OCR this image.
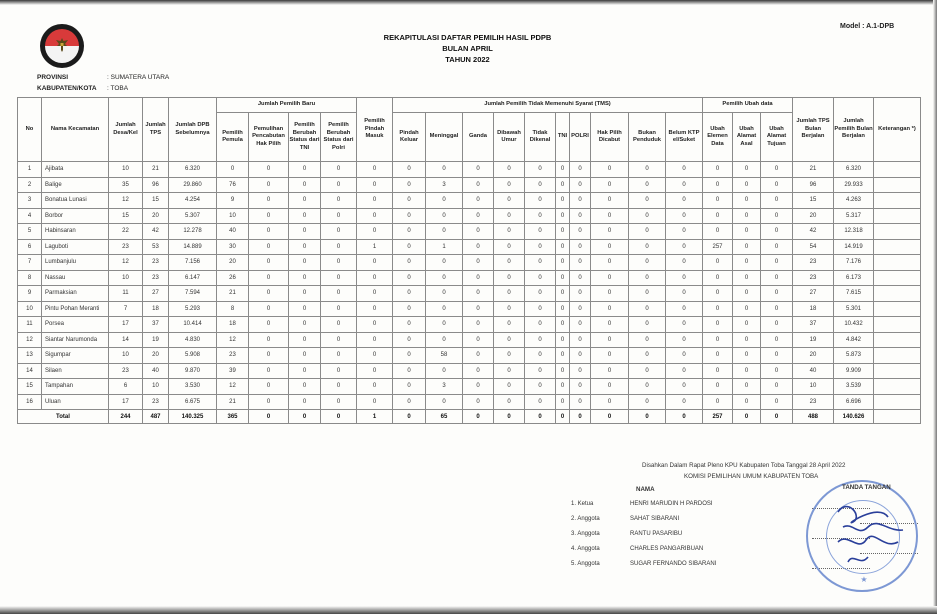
REKAPITULASI DAFTAR PEMILIH HASIL PDPB
BULAN APRIL
TAHUN 2022
Model : A.1-DPB
PROVINSI	: SUMATERA UTARA
KABUPATEN/KOTA : TOBA
No	Nama Kecamatan	Jumlah Desa/Kel	Jumlah TPS	Jumlah DPB Sebelumnya	Jumlah Pemilih Baru				Pemilih Pindah Masuk	Jumlah Pemilih Tidak Memenuhi Syarat (TMS)										Pemilih Ubah data			Jumlah TPS Bulan Berjalan	Jumlah Pemilih Bulan Berjalan	Keterangan *)
					Pemilih Pemula	Pemulihan Pencabutan Hak Pilih	Pemilih Berubah Status dari TNI	Pemilih Berubah Status dari Polri		Pindah Keluar	Meninggal	Ganda	Dibawah Umur	Tidak Dikenal	TNI	POLRI	Hak Pilih Dicabut	Bukan Penduduk	Belum KTP el/Suket	Ubah Elemen Data	Ubah Alamat Asal	Ubah Alamat Tujuan			
1	Ajibata	10	21	6.320	0	0	0	0	0	0	0	0	0	0	0	0	0	0	0	0	0	0	21	6.320	
2	Balige	35	96	29.860	76	0	0	0	0	0	3	0	0	0	0	0	0	0	0	0	0	0	96	29.933	
3	Bonatua Lunasi	12	15	4.254	9	0	0	0	0	0	0	0	0	0	0	0	0	0	0	0	0	0	15	4.263	
4	Borbor	15	20	5.307	10	0	0	0	0	0	0	0	0	0	0	0	0	0	0	0	0	0	20	5.317	
5	Habinsaran	22	42	12.278	40	0	0	0	0	0	0	0	0	0	0	0	0	0	0	0	0	0	42	12.318	
6	Laguboti	23	53	14.889	30	0	0	0	1	0	1	0	0	0	0	0	0	0	0	257	0	0	54	14.919	
7	Lumbanjulu	12	23	7.156	20	0	0	0	0	0	0	0	0	0	0	0	0	0	0	0	0	0	23	7.176	
8	Nassau	10	23	6.147	26	0	0	0	0	0	0	0	0	0	0	0	0	0	0	0	0	0	23	6.173	
9	Parmaksian	11	27	7.594	21	0	0	0	0	0	0	0	0	0	0	0	0	0	0	0	0	0	27	7.615	
10	Pintu Pohan Meranti	7	18	5.293	8	0	0	0	0	0	0	0	0	0	0	0	0	0	0	0	0	0	18	5.301	
11	Porsea	17	37	10.414	18	0	0	0	0	0	0	0	0	0	0	0	0	0	0	0	0	0	37	10.432	
12	Siantar Narumonda	14	19	4.830	12	0	0	0	0	0	0	0	0	0	0	0	0	0	0	0	0	0	19	4.842	
13	Sigumpar	10	20	5.908	23	0	0	0	0	0	58	0	0	0	0	0	0	0	0	0	0	0	20	5.873	
14	Silaen	23	40	9.870	39	0	0	0	0	0	0	0	0	0	0	0	0	0	0	0	0	0	40	9.909	
15	Tampahan	6	10	3.530	12	0	0	0	0	0	3	0	0	0	0	0	0	0	0	0	0	0	10	3.539	
16	Uluan	17	23	6.675	21	0	0	0	0	0	0	0	0	0	0	0	0	0	0	0	0	0	23	6.696	
Total		244	487	140.325	365	0	0	0	1	0	65	0	0	0	0	0	0	0	0	257	0	0	488	140.626	
Disahkan Dalam Rapat Pleno KPU Kabupaten Toba Tanggal 28 April 2022
KOMISI PEMILIHAN UMUM KABUPATEN TOBA
NAMA	TANDA TANGAN
1. Ketua	HENRI MARUDIN H PARDOSI
2. Anggota	SAHAT SIBARANI
3. Anggota	RANTU PASARIBU
4. Anggota	CHARLES PANGARIBUAN
5. Anggota	SUGAR FERNANDO SIBARANI
★
